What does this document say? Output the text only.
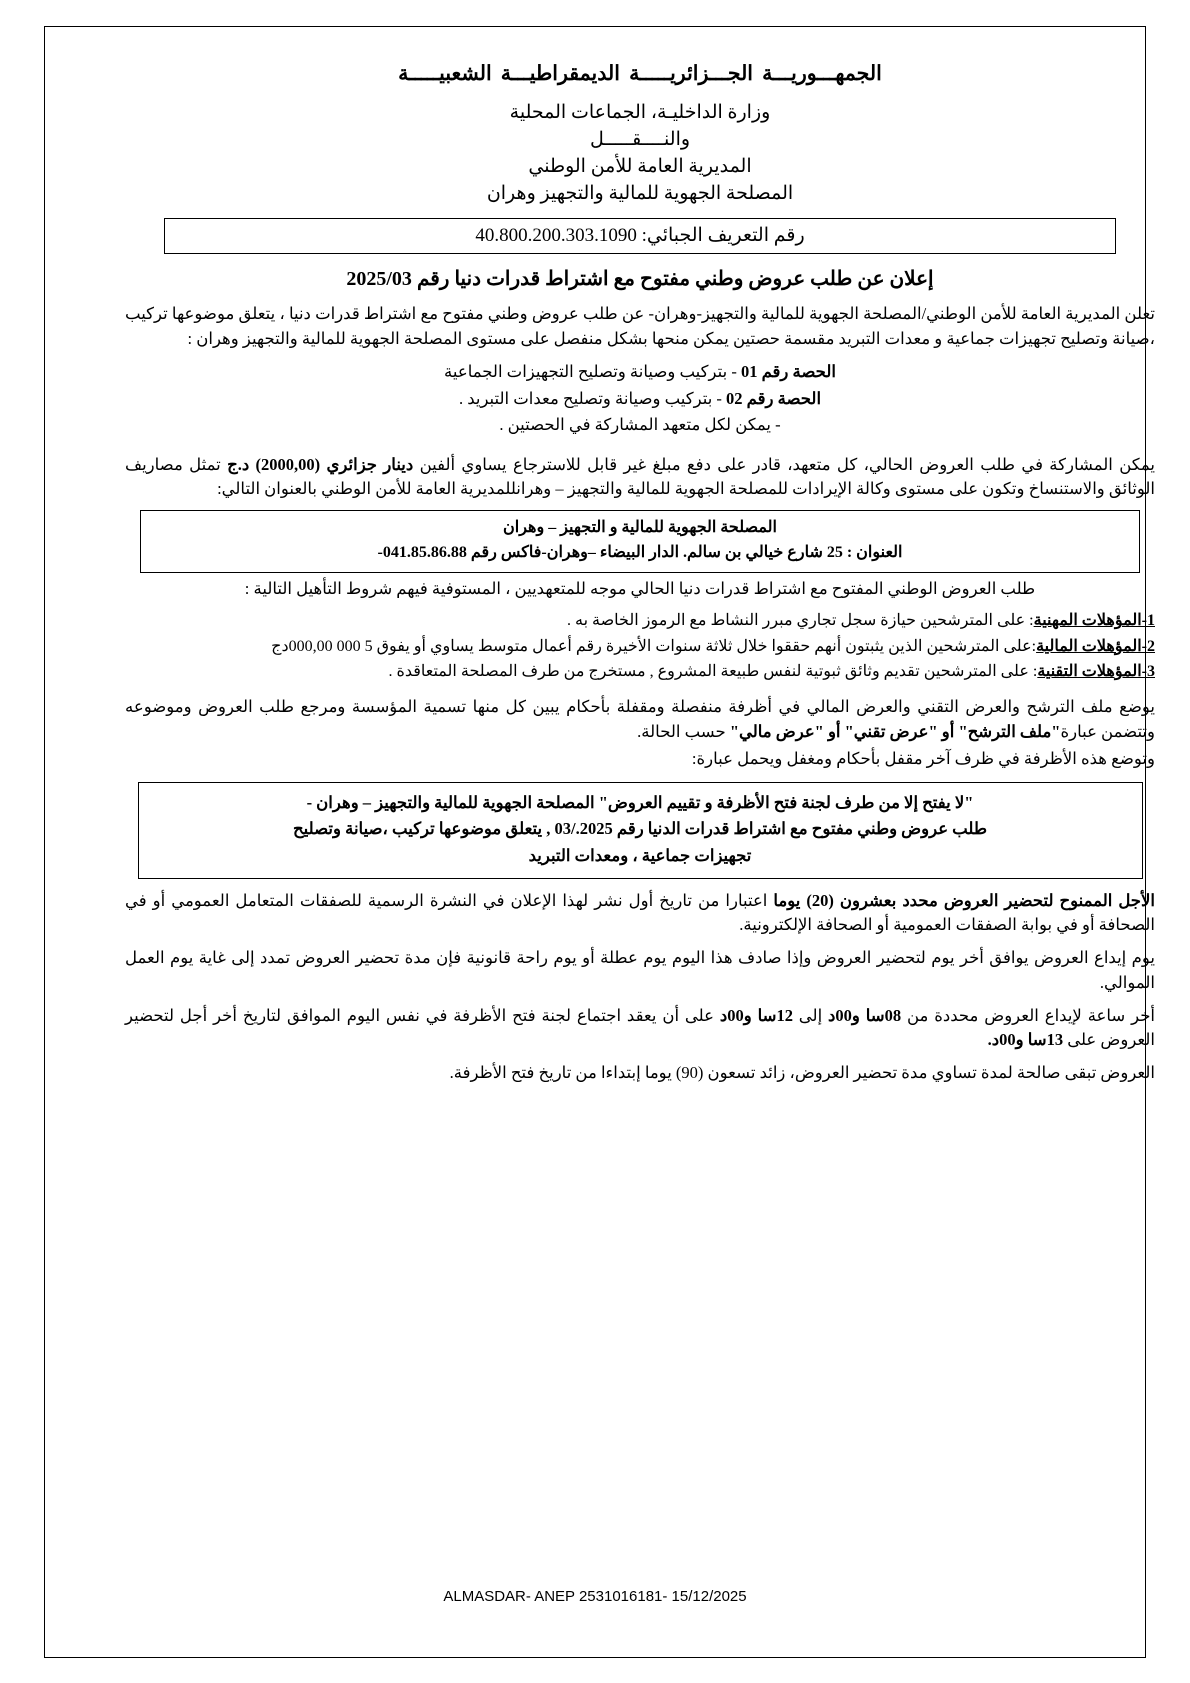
الجمهـــوريـــة الجـــزائريـــــة الديمقراطيـــة الشعبيـــــة
وزارة الداخليـة، الجماعات المحلية
والنــــقـــــل
المديرية العامة للأمن الوطني
المصلحة الجهوية للمالية والتجهيز وهران
رقم التعريف الجبائي: 40.800.200.303.1090
إعلان عن طلب عروض وطني مفتوح مع اشتراط قدرات دنيا رقم 2025/03

تعلن المديرية العامة للأمن الوطني/المصلحة الجهوية للمالية والتجهيز-وهران- عن طلب عروض وطني مفتوح مع اشتراط قدرات دنيا ، يتعلق موضوعها تركيب ،صيانة وتصليح تجهيزات جماعية و معدات التبريد مقسمة حصتين يمكن منحها بشكل منفصل على مستوى المصلحة الجهوية للمالية والتجهيز وهران :

الحصة رقم 01 - بتركيب وصيانة وتصليح التجهيزات الجماعية
الحصة رقم 02 - بتركيب وصيانة وتصليح معدات التبريد .
- يمكن لكل متعهد المشاركة في الحصتين .

يمكن المشاركة في طلب العروض الحالي، كل متعهد، قادر على دفع مبلغ غير قابل للاسترجاع يساوي ألفين دينار جزائري (2000,00) د.ج تمثل مصاريف الوثائق والاستنساخ وتكون على مستوى وكالة الإيرادات للمصلحة الجهوية للمالية والتجهيز – وهرانللمديرية العامة للأمن الوطني بالعنوان التالي:

المصلحة الجهوية للمالية و التجهيز – وهران
العنوان : 25 شارع خيالي بن سالم. الدار البيضاء –وهران-فاكس رقم 041.85.86.88-

طلب العروض الوطني المفتوح مع اشتراط قدرات دنيا الحالي موجه للمتعهديين ، المستوفية فيهم شروط التأهيل التالية :

1-المؤهلات المهنية: على المترشحين حيازة سجل تجاري مبرر النشاط مع الرموز الخاصة به .
2-المؤهلات المالية:على المترشحين الذين يثبتون أنهم حققوا خلال ثلاثة سنوات الأخيرة رقم أعمال متوسط يساوي أو يفوق 5 000 000,00دج
3-المؤهلات التقنية: على المترشحين تقديم وثائق ثبوتية لنفس طبيعة المشروع , مستخرج من طرف المصلحة المتعاقدة .

يوضع ملف الترشح والعرض التقني والعرض المالي في أظرفة منفصلة ومقفلة بأحكام يبين كل منها تسمية المؤسسة ومرجع طلب العروض وموضوعه وتتضمن عبارة"ملف الترشح" أو "عرض تقني" أو "عرض مالي" حسب الحالة.

وتوضع هذه الأظرفة في ظرف آخر مقفل بأحكام ومغفل ويحمل عبارة:

"لا يفتح إلا من طرف لجنة فتح الأظرفة و تقييم العروض" المصلحة الجهوية للمالية والتجهيز – وهران -
طلب عروض وطني مفتوح مع اشتراط قدرات الدنيا رقم 2025./03 , يتعلق موضوعها تركيب ،صيانة وتصليح
تجهيزات جماعية ، ومعدات التبريد

الأجل الممنوح لتحضير العروض محدد بعشرون (20) يوما اعتبارا من تاريخ أول نشر لهذا الإعلان في النشرة الرسمية للصفقات المتعامل العمومي أو في الصحافة أو في بوابة الصفقات العمومية أو الصحافة الإلكترونية.

يوم إيداع العروض يوافق أخر يوم لتحضير العروض وإذا صادف هذا اليوم يوم عطلة أو يوم راحة قانونية فإن مدة تحضير العروض تمدد إلى غاية يوم العمل الموالي.

أخر ساعة لإيداع العروض محددة من 08سا و00د إلى 12سا و00د على أن يعقد اجتماع لجنة فتح الأظرفة في نفس اليوم الموافق لتاريخ أخر أجل لتحضير العروض على 13سا و00د.

العروض تبقى صالحة لمدة تساوي مدة تحضير العروض، زائد تسعون (90) يوما إبتداءا من تاريخ فتح الأظرفة.

ALMASDAR- ANEP 2531016181- 15/12/2025
